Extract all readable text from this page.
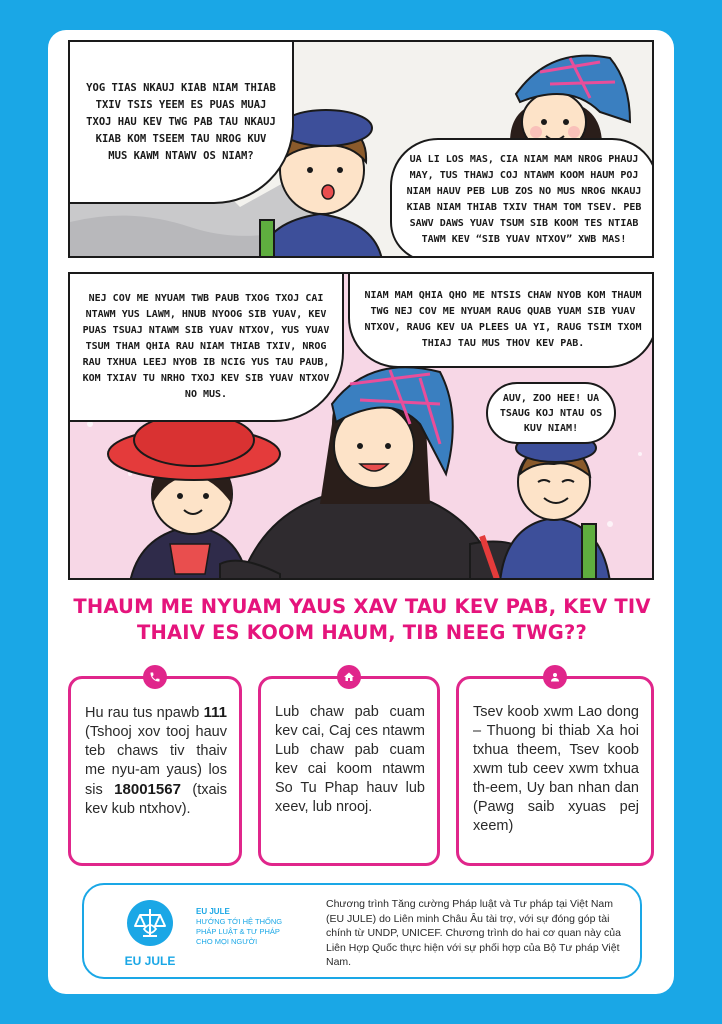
YOG TIAS NKAUJ KIAB NIAM THIAB TXIV TSIS YEEM ES PUAS MUAJ TXOJ HAU KEV TWG PAB TAU NKAUJ KIAB KOM TSEEM TAU NROG KUV MUS KAWM NTAWV OS NIAM?	UA LI LOS MAS, CIA NIAM MAM NROG PHAUJ MAY, TUS THAWJ COJ NTAWM KOOM HAUM POJ NIAM HAUV PEB LUB ZOS NO MUS NROG NKAUJ KIAB NIAM THIAB TXIV THAM TOM TSEV. PEB SAWV DAWS YUAV TSUM SIB KOOM TES NTIAB TAWM KEV “SIB YUAV NTXOV” XWB MAS!
NEJ COV ME NYUAM TWB PAUB TXOG TXOJ CAI NTAWM YUS LAWM, HNUB NYOOG SIB YUAV, KEV PUAS TSUAJ NTAWM SIB YUAV NTXOV, YUS YUAV TSUM THAM QHIA RAU NIAM THIAB TXIV, NROG RAU TXHUA LEEJ NYOB IB NCIG YUS TAU PAUB, KOM TXIAV TU NRHO TXOJ KEV SIB YUAV NTXOV NO MUS.
NIAM MAM QHIA QHO ME NTSIS CHAW NYOB KOM THAUM TWG NEJ COV ME NYUAM RAUG QUAB YUAM SIB YUAV NTXOV, RAUG KEV UA PLEES UA YI, RAUG TSIM TXOM THIAJ TAU MUS THOV KEV PAB.
AUV, ZOO HEE! UA TSAUG KOJ NTAU OS KUV NIAM!
THAUM ME NYUAM YAUS XAV TAU KEV PAB, KEV TIV THAIV ES KOOM HAUM, TIB NEEG TWG??
Hu rau tus npawb 111 (Tshooj xov tooj hauv teb chaws tiv thaiv me nyu-am yaus) los sis 18001567 (txais kev kub ntxhov).
Lub chaw pab cuam kev cai, Caj ces ntawm Lub chaw pab cuam kev cai koom ntawm So Tu Phap hauv lub xeev, lub nrooj.
Tsev koob xwm Lao dong – Thuong bi thiab Xa hoi txhua theem, Tsev koob xwm tub ceev xwm txhua th-eem, Uy ban nhan dan (Pawg saib xyuas pej xeem)
EU JULE
EU JULE
HƯỚNG TỚI HỆ THỐNG
PHÁP LUẬT & TƯ PHÁP
CHO MỌI NGƯỜI
Chương trình Tăng cường Pháp luật và Tư pháp tại Việt Nam (EU JULE) do Liên minh Châu Âu tài trợ, với sự đóng góp tài chính từ UNDP, UNICEF. Chương trình do hai cơ quan này của Liên Hợp Quốc thực hiện với sự phối hợp của Bộ Tư pháp Việt Nam.
